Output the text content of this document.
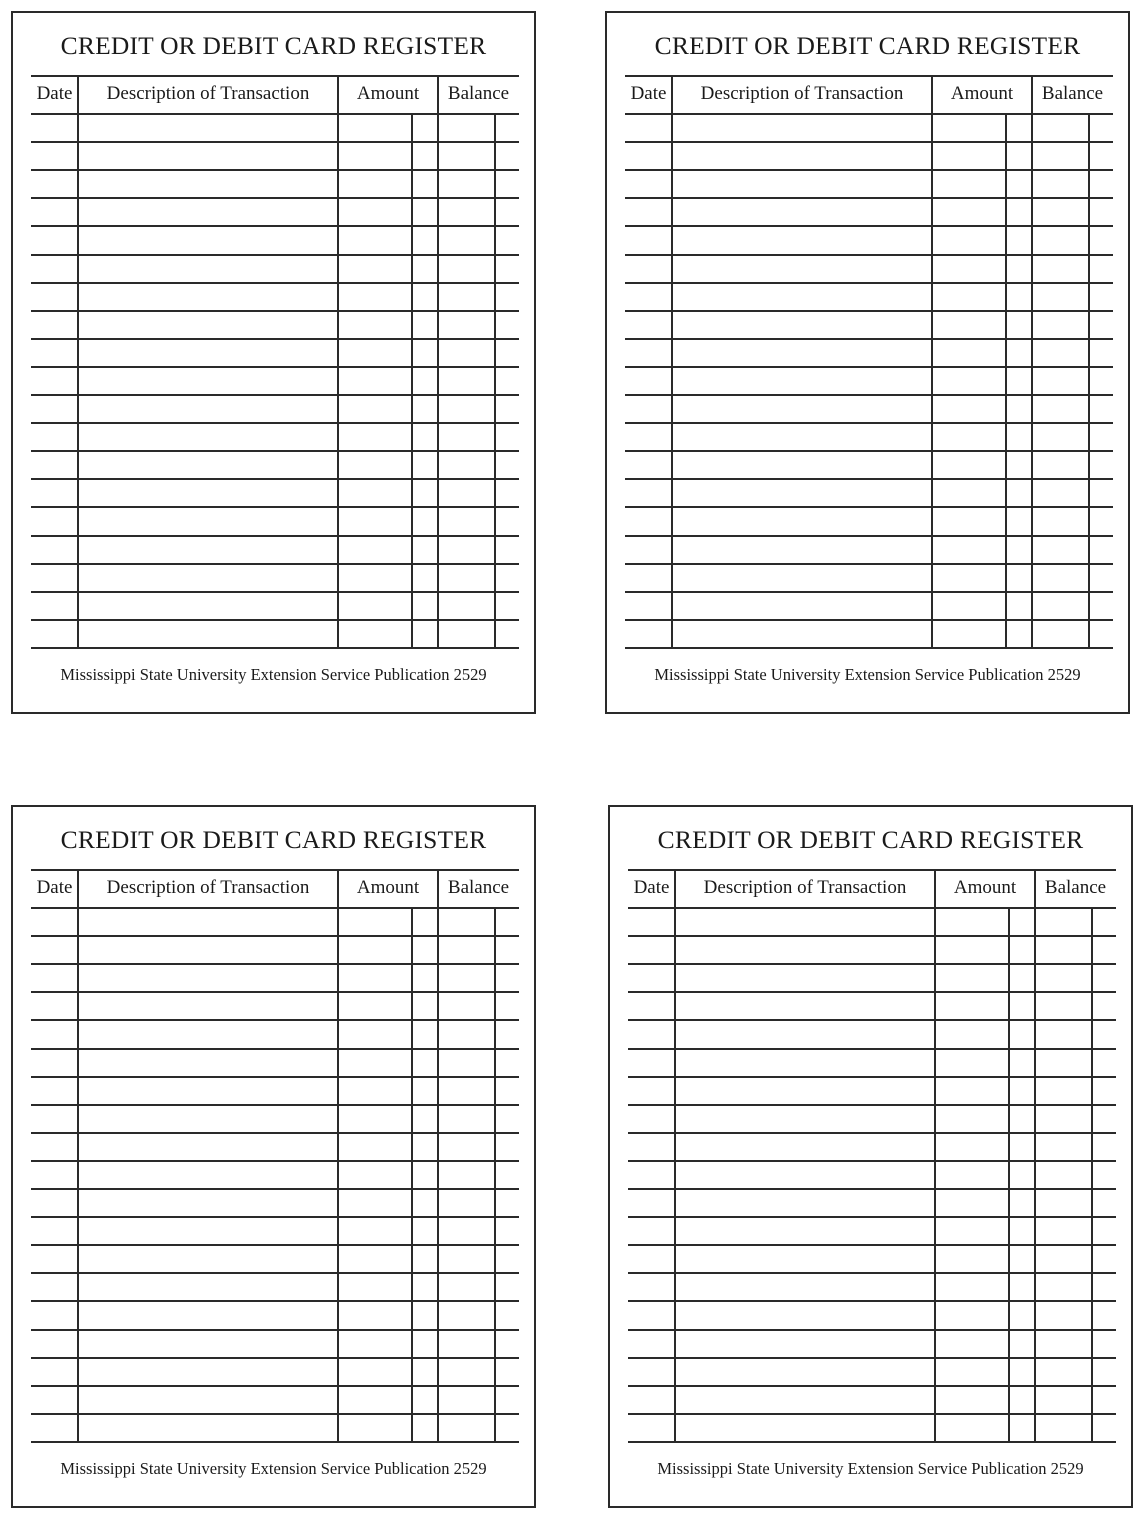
CREDIT OR DEBIT CARD REGISTER
Date	Description of Transaction	Amount	Balance
Mississippi State University Extension Service Publication 2529
CREDIT OR DEBIT CARD REGISTER
Date	Description of Transaction	Amount	Balance
Mississippi State University Extension Service Publication 2529
CREDIT OR DEBIT CARD REGISTER
Date	Description of Transaction	Amount	Balance
Mississippi State University Extension Service Publication 2529
CREDIT OR DEBIT CARD REGISTER
Date	Description of Transaction	Amount	Balance
Mississippi State University Extension Service Publication 2529
